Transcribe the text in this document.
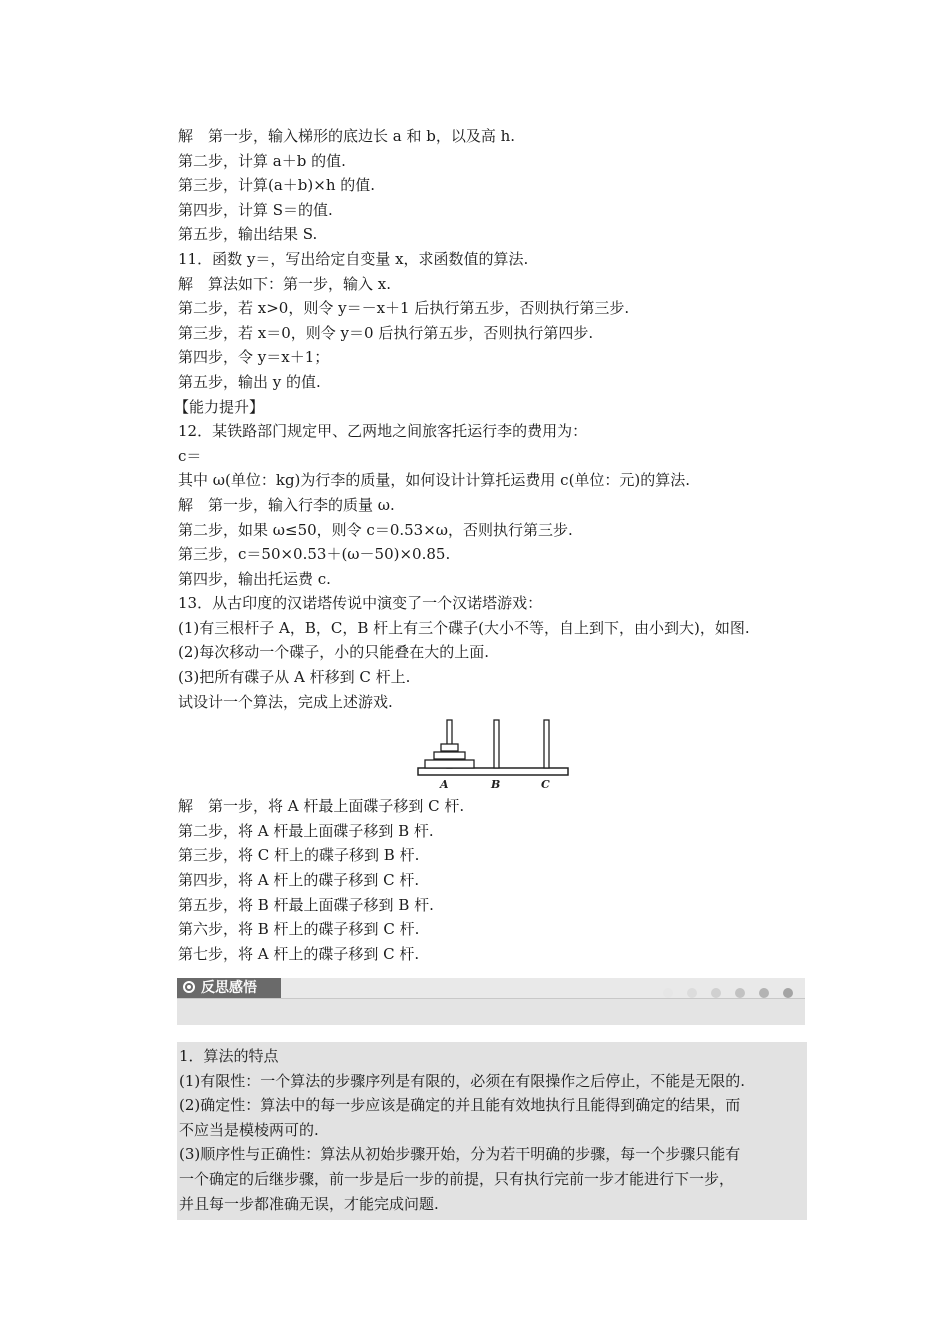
解　第一步，输入梯形的底边长 a 和 b，以及高 h.
第二步，计算 a＋b 的值.
第三步，计算(a＋b)×h 的值.
第四步，计算 S＝的值.
第五步，输出结果 S.
11．函数 y＝，写出给定自变量 x，求函数值的算法.
解　算法如下：第一步，输入 x.
第二步，若 x>0，则令 y＝－x＋1 后执行第五步，否则执行第三步.
第三步，若 x＝0，则令 y＝0 后执行第五步，否则执行第四步.
第四步，令 y＝x＋1；
第五步，输出 y 的值.
【能力提升】
12．某铁路部门规定甲、乙两地之间旅客托运行李的费用为：
c＝
其中 ω(单位：kg)为行李的质量，如何设计计算托运费用 c(单位：元)的算法.
解　第一步，输入行李的质量 ω.
第二步，如果 ω≤50，则令 c＝0.53×ω，否则执行第三步.
第三步，c＝50×0.53＋(ω－50)×0.85.
第四步，输出托运费 c.
13．从古印度的汉诺塔传说中演变了一个汉诺塔游戏：
(1)有三根杆子 A，B，C，B 杆上有三个碟子(大小不等，自上到下，由小到大)，如图.
(2)每次移动一个碟子，小的只能叠在大的上面.
(3)把所有碟子从 A 杆移到 C 杆上.
试设计一个算法，完成上述游戏.
A	B	C
解　第一步，将 A 杆最上面碟子移到 C 杆.
第二步，将 A 杆最上面碟子移到 B 杆.
第三步，将 C 杆上的碟子移到 B 杆.
第四步，将 A 杆上的碟子移到 C 杆.
第五步，将 B 杆最上面碟子移到 B 杆.
第六步，将 B 杆上的碟子移到 C 杆.
第七步，将 A 杆上的碟子移到 C 杆.
反思感悟

1．算法的特点
(1)有限性：一个算法的步骤序列是有限的，必须在有限操作之后停止，不能是无限的.
(2)确定性：算法中的每一步应该是确定的并且能有效地执行且能得到确定的结果，而
不应当是模棱两可的.
(3)顺序性与正确性：算法从初始步骤开始，分为若干明确的步骤，每一个步骤只能有
一个确定的后继步骤，前一步是后一步的前提，只有执行完前一步才能进行下一步，
并且每一步都准确无误，才能完成问题.
